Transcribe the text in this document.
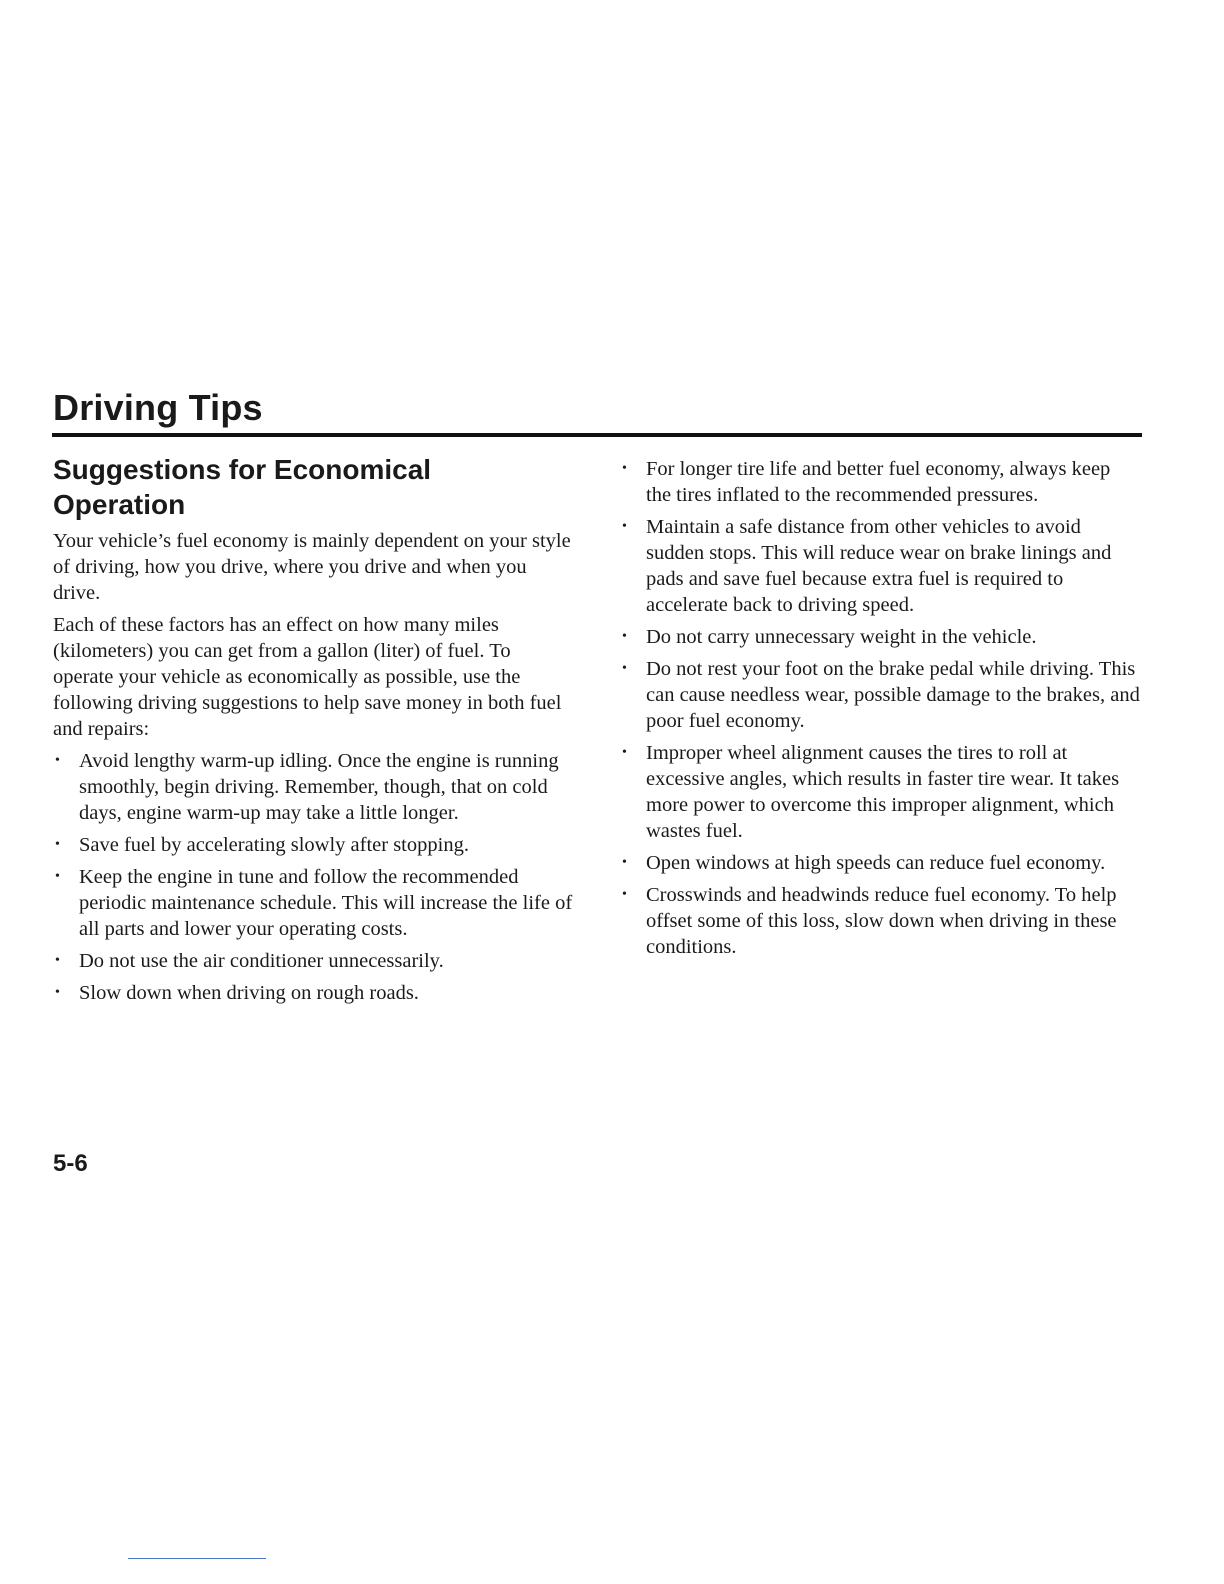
Driving Tips
Suggestions for Economical
Operation

Your vehicle’s fuel economy is mainly dependent on your style of driving, how you drive, where you drive and when you drive.

Each of these factors has an effect on how many miles (kilometers) you can get from a gallon (liter) of fuel. To operate your vehicle as economically as possible, use the following driving suggestions to help save money in both fuel and repairs:

• Avoid lengthy warm-up idling. Once the engine is running smoothly, begin driving. Remember, though, that on cold days, engine warm-up may take a little longer.
• Save fuel by accelerating slowly after stopping.
• Keep the engine in tune and follow the recommended periodic maintenance schedule. This will increase the life of all parts and lower your operating costs.
• Do not use the air conditioner unnecessarily.
• Slow down when driving on rough roads.
• For longer tire life and better fuel economy, always keep the tires inflated to the recommended pressures.
• Maintain a safe distance from other vehicles to avoid sudden stops. This will reduce wear on brake linings and pads and save fuel because extra fuel is required to accelerate back to driving speed.
• Do not carry unnecessary weight in the vehicle.
• Do not rest your foot on the brake pedal while driving. This can cause needless wear, possible damage to the brakes, and poor fuel economy.
• Improper wheel alignment causes the tires to roll at excessive angles, which results in faster tire wear. It takes more power to overcome this improper alignment, which wastes fuel.
• Open windows at high speeds can reduce fuel economy.
• Crosswinds and headwinds reduce fuel economy. To help offset some of this loss, slow down when driving in these conditions.
5-6
